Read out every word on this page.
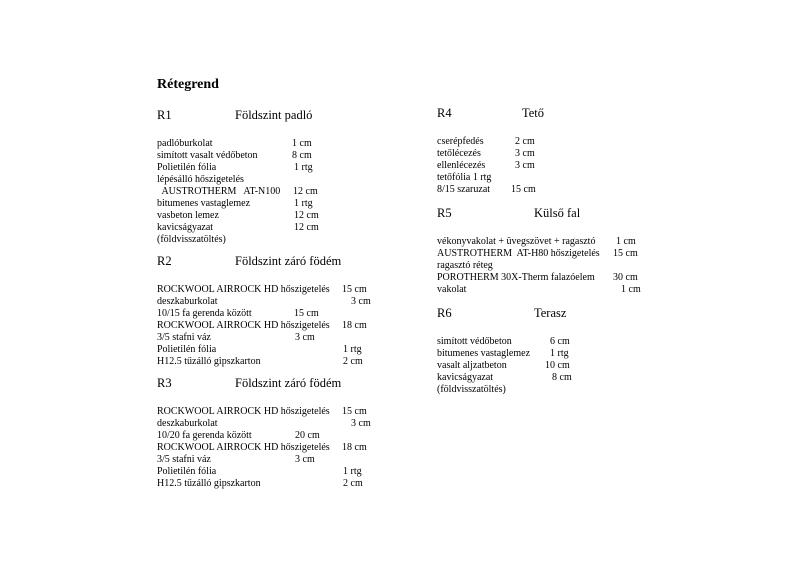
Rétegrend
R1	Földszint padló
padlóburkolat	1 cm
simított vasalt védőbeton	8 cm
Polietilén fólia	1 rtg
lépésálló hőszigetelés
AUSTROTHERM   AT-N100 12 cm
bitumenes vastaglemez	1 rtg
vasbeton lemez	12 cm
kavicságyazat	12 cm
(földvisszatöltés)
R2	Földszint záró födém
ROCKWOOL AIRROCK HD hőszigetelés 15 cm
deszkaburkolat	3 cm
10/15 fa gerenda között	15 cm
ROCKWOOL AIRROCK HD hőszigetelés 18 cm
3/5 stafni váz	3 cm
Polietilén fólia	1 rtg
H12.5 tűzálló gipszkarton	2 cm
R3	Földszint záró födém
ROCKWOOL AIRROCK HD hőszigetelés 15 cm
deszkaburkolat	3 cm
10/20 fa gerenda között	20 cm
ROCKWOOL AIRROCK HD hőszigetelés 18 cm
3/5 stafni váz	3 cm
Polietilén fólia	1 rtg
H12.5 tűzálló gipszkarton	2 cm
R4	Tető
cserépfedés	2 cm
tetőlécezés	3 cm
ellenlécezés	3 cm
tetőfólia 1 rtg
8/15 szaruzat 15 cm
R5	Külső fal
vékonyvakolat + üvegszövet + ragasztó 1 cm
AUSTROTHERM  AT-H80 hőszigetelés 15 cm
ragasztó réteg
POROTHERM 30X-Therm falazóelem 30 cm
vakolat	1 cm
R6	Terasz
simított védőbeton	6 cm
bitumenes vastaglemez 1 rtg
vasalt aljzatbeton	10 cm
kavicságyazat	8 cm
(földvisszatöltés)
